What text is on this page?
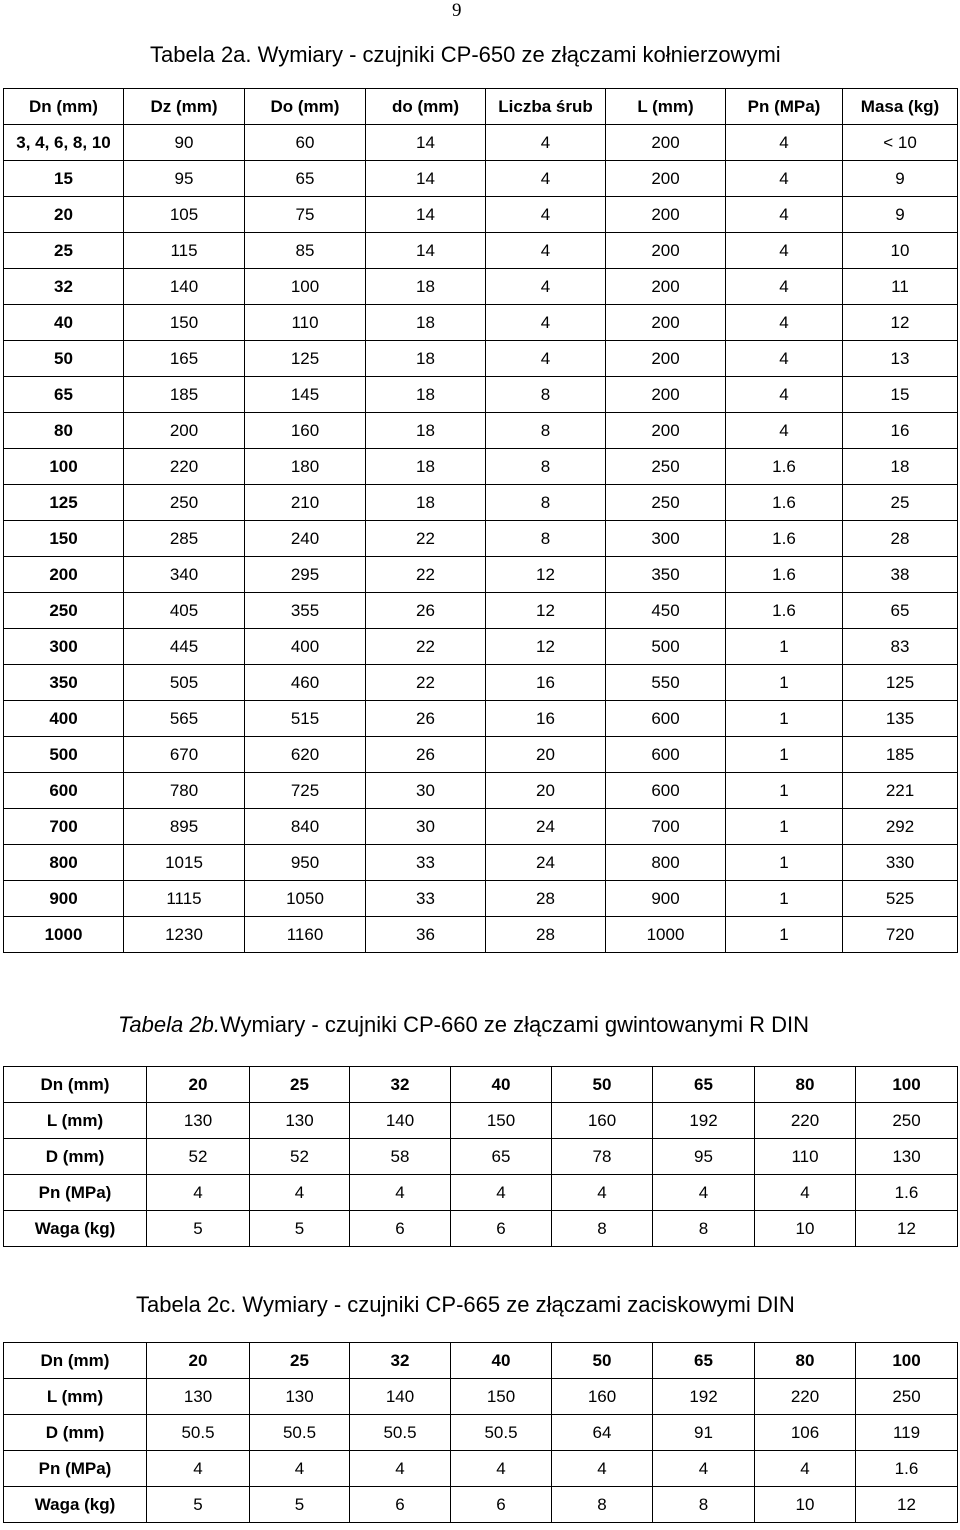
9
Tabela 2a. Wymiary - czujniki CP-650 ze złączami kołnierzowymi
Dn (mm)	Dz (mm)	Do (mm)	do (mm)	Liczba śrub	L (mm)	Pn (MPa)	Masa (kg)
3, 4, 6, 8, 10	90	60	14	4	200	4	< 10
15	95	65	14	4	200	4	9
20	105	75	14	4	200	4	9
25	115	85	14	4	200	4	10
32	140	100	18	4	200	4	11
40	150	110	18	4	200	4	12
50	165	125	18	4	200	4	13
65	185	145	18	8	200	4	15
80	200	160	18	8	200	4	16
100	220	180	18	8	250	1.6	18
125	250	210	18	8	250	1.6	25
150	285	240	22	8	300	1.6	28
200	340	295	22	12	350	1.6	38
250	405	355	26	12	450	1.6	65
300	445	400	22	12	500	1	83
350	505	460	22	16	550	1	125
400	565	515	26	16	600	1	135
500	670	620	26	20	600	1	185
600	780	725	30	20	600	1	221
700	895	840	30	24	700	1	292
800	1015	950	33	24	800	1	330
900	1115	1050	33	28	900	1	525
1000	1230	1160	36	28	1000	1	720
Tabela 2b.Wymiary - czujniki CP-660 ze złączami gwintowanymi R DIN
Dn (mm)	20	25	32	40	50	65	80	100
L (mm)	130	130	140	150	160	192	220	250
D (mm)	52	52	58	65	78	95	110	130
Pn (MPa)	4	4	4	4	4	4	4	1.6
Waga (kg)	5	5	6	6	8	8	10	12
Tabela 2c. Wymiary - czujniki CP-665 ze złączami zaciskowymi DIN
Dn (mm)	20	25	32	40	50	65	80	100
L (mm)	130	130	140	150	160	192	220	250
D (mm)	50.5	50.5	50.5	50.5	64	91	106	119
Pn (MPa)	4	4	4	4	4	4	4	1.6
Waga (kg)	5	5	6	6	8	8	10	12
